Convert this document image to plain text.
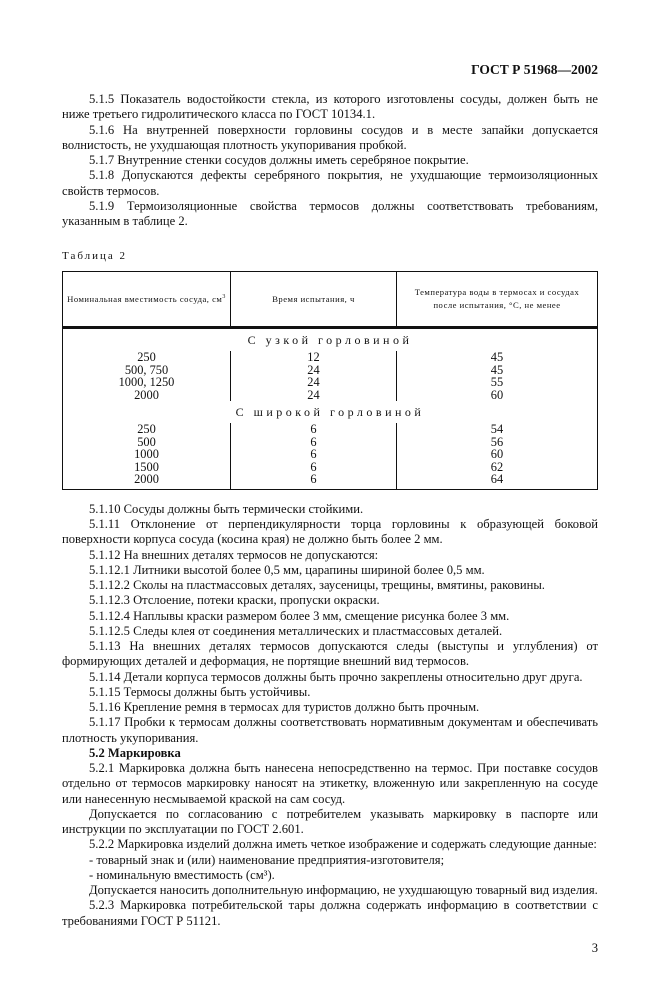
ГОСТ Р 51968—2002

5.1.5 Показатель водостойкости стекла, из которого изготовлены сосуды, должен быть не ниже третьего гидролитического класса по ГОСТ 10134.1.

5.1.6 На внутренней поверхности горловины сосудов и в месте запайки допускается волнистость, не ухудшающая плотность укупоривания пробкой.

5.1.7 Внутренние стенки сосудов должны иметь серебряное покрытие.

5.1.8 Допускаются дефекты серебряного покрытия, не ухудшающие термоизоляционных свойств термосов.

5.1.9 Термоизоляционные свойства термосов должны соответствовать требованиям, указанным в таблице 2.

Таблица 2
Номинальная вместимость сосуда, $см^3$	Время испытания, ч	Температура воды в термосах и сосудах после испытания, °С, не менее
С узкой горловиной		
250	12	45
500, 750	24	45
1000, 1250	24	55
2000	24	60
С широкой горловиной		
250	6	54
500	6	56
1000	6	60
1500	6	62
2000	6	64

5.1.10 Сосуды должны быть термически стойкими.

5.1.11 Отклонение от перпендикулярности торца горловины к образующей боковой поверхности корпуса сосуда (косина края) не должно быть более 2 мм.

5.1.12 На внешних деталях термосов не допускаются:

5.1.12.1 Литники высотой более 0,5 мм, царапины шириной более 0,5 мм.

5.1.12.2 Сколы на пластмассовых деталях, заусеницы, трещины, вмятины, раковины.

5.1.12.3 Отслоение, потеки краски, пропуски окраски.

5.1.12.4 Наплывы краски размером более 3 мм, смещение рисунка более 3 мм.

5.1.12.5 Следы клея от соединения металлических и пластмассовых деталей.

5.1.13 На внешних деталях термосов допускаются следы (выступы и углубления) от формирующих деталей и деформация, не портящие внешний вид термосов.

5.1.14 Детали корпуса термосов должны быть прочно закреплены относительно друг друга.

5.1.15 Термосы должны быть устойчивы.

5.1.16 Крепление ремня в термосах для туристов должно быть прочным.

5.1.17 Пробки к термосам должны соответствовать нормативным документам и обеспечивать плотность укупоривания.

5.2 Маркировка

5.2.1 Маркировка должна быть нанесена непосредственно на термос. При поставке сосудов отдельно от термосов маркировку наносят на этикетку, вложенную или закрепленную на сосуде или нанесенную несмываемой краской на сам сосуд.

Допускается по согласованию с потребителем указывать маркировку в паспорте или инструкции по эксплуатации по ГОСТ 2.601.

5.2.2 Маркировка изделий должна иметь четкое изображение и содержать следующие данные:

- товарный знак и (или) наименование предприятия-изготовителя;

- номинальную вместимость (см³).

Допускается наносить дополнительную информацию, не ухудшающую товарный вид изделия.

5.2.3 Маркировка потребительской тары должна содержать информацию в соответствии с требованиями ГОСТ Р 51121.

3
